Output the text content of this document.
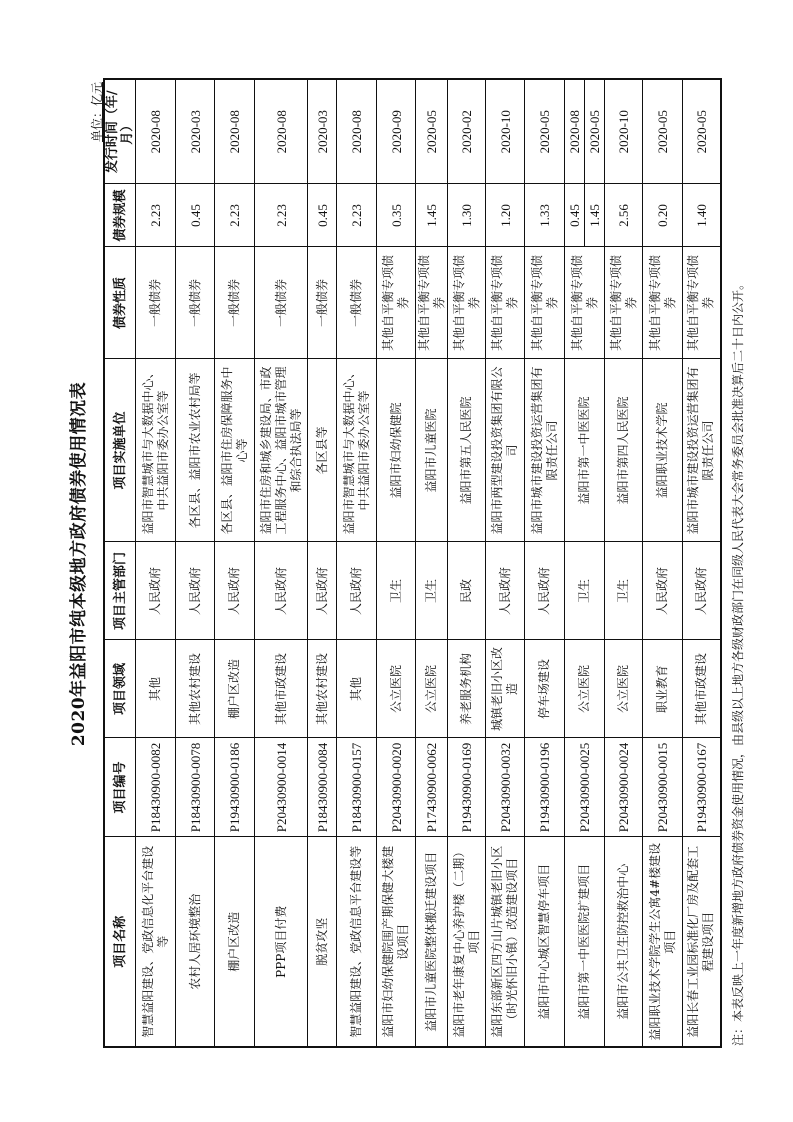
2020年益阳市纯本级地方政府债券使用情况表
单位：亿元
项目名称	项目编号	项目领域	项目主管部门	项目实施单位	债券性质	债券规模	发行时间（年/月）
智慧益阳建设、党政信息化平台建设等	P18430900-0082	其他	人民政府	益阳市智慧城市与大数据中心、中共益阳市委办公室等	一般债券	2.23	2020-08
农村人居环境整治	P18430900-0078	其他农村建设	人民政府	各区县、益阳市农业农村局等	一般债券	0.45	2020-03
棚户区改造	P19430900-0186	棚户区改造	人民政府	各区县、益阳市住房保障服务中心等	一般债券	2.23	2020-08
PPP项目付费	P20430900-0014	其他市政建设	人民政府	益阳市住房和城乡建设局、市政工程服务中心、益阳市城市管理和综合执法局等	一般债券	2.23	2020-08
脱贫攻坚	P18430900-0084	其他农村建设	人民政府	各区县等	一般债券	0.45	2020-03
智慧益阳建设、党政信息平台建设等	P18430900-0157	其他	人民政府	益阳市智慧城市与大数据中心、中共益阳市委办公室等	一般债券	2.23	2020-08
益阳市妇幼保健院围产期保健大楼建设项目	P20430900-0020	公立医院	卫生	益阳市妇幼保健院	其他自平衡专项债券	0.35	2020-09
益阳市儿童医院整体搬迁建设项目	P17430900-0062	公立医院	卫生	益阳市儿童医院	其他自平衡专项债券	1.45	2020-05
益阳市老年康复中心养护楼（二期）项目	P19430900-0169	养老服务机构	民政	益阳市第五人民医院	其他自平衡专项债券	1.30	2020-02
益阳东部新区四方山片城镇老旧小区（时光怀旧小镇）改造建设项目	P20430900-0032	城镇老旧小区改造	人民政府	益阳市两型建设投资集团有限公司	其他自平衡专项债券	1.20	2020-10
益阳市中心城区智慧停车项目	P19430900-0196	停车场建设	人民政府	益阳市城市建设投资运营集团有限责任公司	其他自平衡专项债券	1.33	2020-05
益阳市第一中医医院扩建项目	P20430900-0025	公立医院	卫生	益阳市第一中医医院	其他自平衡专项债券	0.45	2020-08
						1.45	2020-05
益阳市公共卫生防控救治中心	P20430900-0024	公立医院	卫生	益阳市第四人民医院	其他自平衡专项债券	2.56	2020-10
益阳职业技术学院学生公寓4#楼建设项目	P20430900-0015	职业教育	人民政府	益阳职业技术学院	其他自平衡专项债券	0.20	2020-05
益阳长春工业园标准化厂房及配套工程建设项目	P19430900-0167	其他市政建设	人民政府	益阳市城市建设投资运营集团有限责任公司	其他自平衡专项债券	1.40	2020-05
注：本表反映上一年度新增地方政府债券资金使用情况，由县级以上地方各级财政部门在同级人民代表大会常务委员会批准决算后二十日内公开。
